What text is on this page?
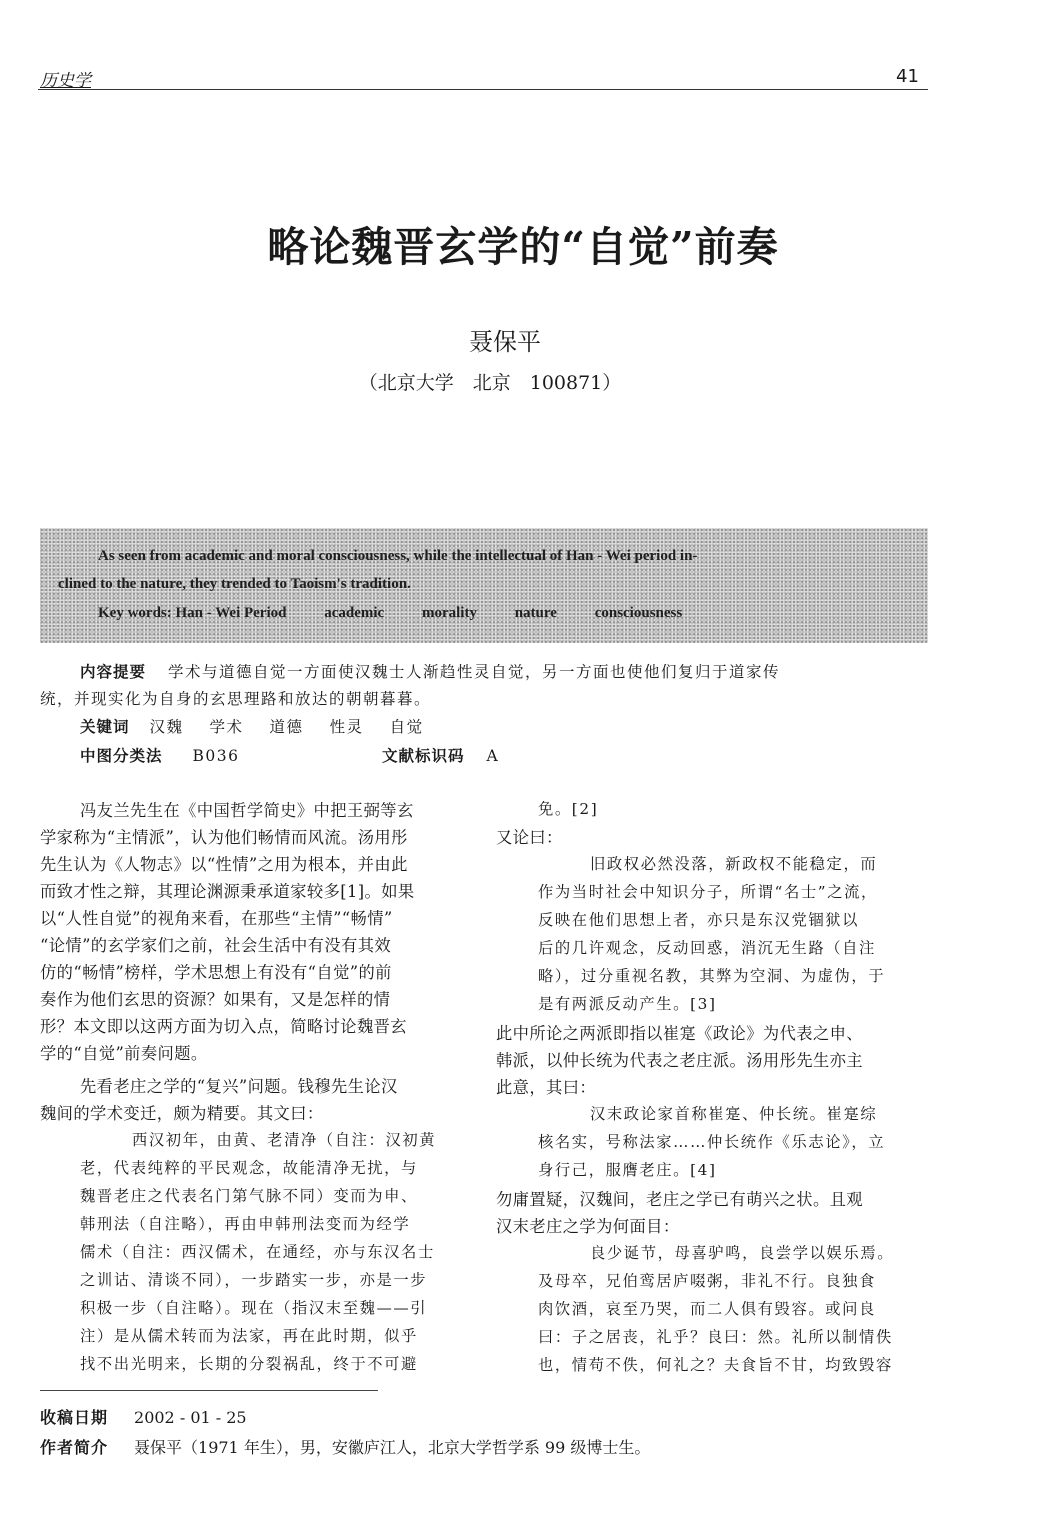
历史学	41
略论魏晋玄学的“自觉”前奏
聂保平
（北京大学　北京　100871）
As seen from academic and moral consciousness, while the intellectual of Han - Wei period in-
clined to the nature, they trended to Taoism's tradition.
Key words: Han - Wei Period	academic	morality	nature	consciousness
内容提要 学术与道德自觉一方面使汉魏士人渐趋性灵自觉，另一方面也使他们复归于道家传
统，并现实化为自身的玄思理路和放达的朝朝暮暮。
关键词 汉魏 学术 道德 性灵 自觉
中图分类法 B036	文献标识码 A
冯友兰先生在《中国哲学简史》中把王弼等玄
学家称为“主情派”，认为他们畅情而风流。汤用彤
先生认为《人物志》以“性情”之用为根本，并由此
而致才性之辩，其理论渊源秉承道家较多[1]。如果
以“人性自觉”的视角来看，在那些“主情”“畅情”
“论情”的玄学家们之前，社会生活中有没有其效
仿的“畅情”榜样，学术思想上有没有“自觉”的前
奏作为他们玄思的资源？如果有，又是怎样的情
形？本文即以这两方面为切入点，简略讨论魏晋玄
学的“自觉”前奏问题。
先看老庄之学的“复兴”问题。钱穆先生论汉
魏间的学术变迁，颇为精要。其文曰：
西汉初年，由黄、老清净（自注：汉初黄
老，代表纯粹的平民观念，故能清净无扰，与
魏晋老庄之代表名门第气脉不同）变而为申、
韩刑法（自注略），再由申韩刑法变而为经学
儒术（自注：西汉儒术，在通经，亦与东汉名士
之训诂、清谈不同），一步踏实一步，亦是一步
积极一步（自注略）。现在（指汉末至魏——引
注）是从儒术转而为法家，再在此时期，似乎
找不出光明来，长期的分裂祸乱，终于不可避
免。[2]
又论曰：
旧政权必然没落，新政权不能稳定，而
作为当时社会中知识分子，所谓“名士”之流，
反映在他们思想上者，亦只是东汉党锢狱以
后的几许观念，反动回惑，消沉无生路（自注
略），过分重视名教，其弊为空洞、为虚伪，于
是有两派反动产生。[3]
此中所论之两派即指以崔寔《政论》为代表之申、
韩派，以仲长统为代表之老庄派。汤用彤先生亦主
此意，其曰：
汉末政论家首称崔寔、仲长统。崔寔综
核名实，号称法家……仲长统作《乐志论》，立
身行己，服膺老庄。[4]
勿庸置疑，汉魏间，老庄之学已有萌兴之状。且观
汉末老庄之学为何面目：
良少诞节，母喜驴鸣，良尝学以娱乐焉。
及母卒，兄伯鸾居庐啜粥，非礼不行。良独食
肉饮酒，哀至乃哭，而二人俱有毁容。或问良
曰：子之居丧，礼乎？良曰：然。礼所以制情佚
也，情苟不佚，何礼之？夫食旨不甘，均致毁容
收稿日期 2002 - 01 - 25
作者简介 聂保平（1971 年生），男，安徽庐江人，北京大学哲学系 99 级博士生。
